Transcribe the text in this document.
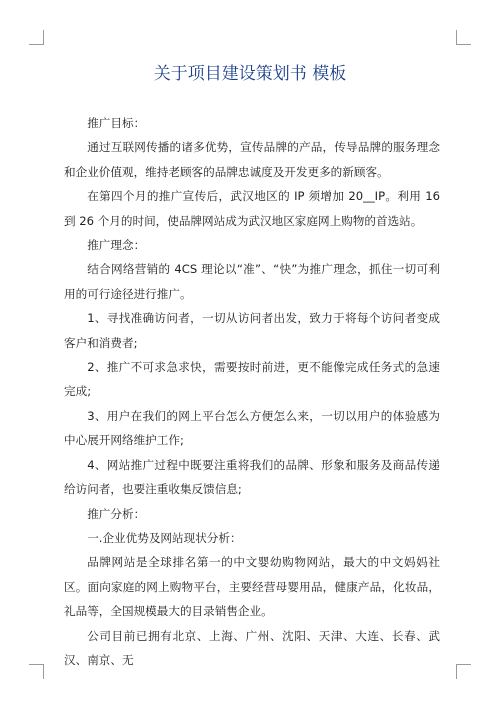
关于项目建设策划书 模板
推广目标：
通过互联网传播的诸多优势，宣传品牌的产品，传导品牌的服务理念和企业价值观，维持老顾客的品牌忠诚度及开发更多的新顾客。
在第四个月的推广宣传后，武汉地区的 IP 须增加 20__IP。利用 16 到 26 个月的时间，使品牌网站成为武汉地区家庭网上购物的首选站。
推广理念：
结合网络营销的 4CS 理论以“准”、“快”为推广理念，抓住一切可利用的可行途径进行推广。
1、寻找准确访问者，一切从访问者出发，致力于将每个访问者变成客户和消费者;
2、推广不可求急求快，需要按时前进，更不能像完成任务式的急速完成;
3、用户在我们的网上平台怎么方便怎么来，一切以用户的体验感为中心展开网络维护工作;
4、网站推广过程中既要注重将我们的品牌、形象和服务及商品传递给访问者，也要注重收集反馈信息;
推广分析：
一.企业优势及网站现状分析：
品牌网站是全球排名第一的中文婴幼购物网站，最大的中文妈妈社区。面向家庭的网上购物平台，主要经营母婴用品，健康产品，化妆品，礼品等，全国规模最大的目录销售企业。
公司目前已拥有北京、上海、广州、沈阳、天津、大连、长春、武汉、南京、无
